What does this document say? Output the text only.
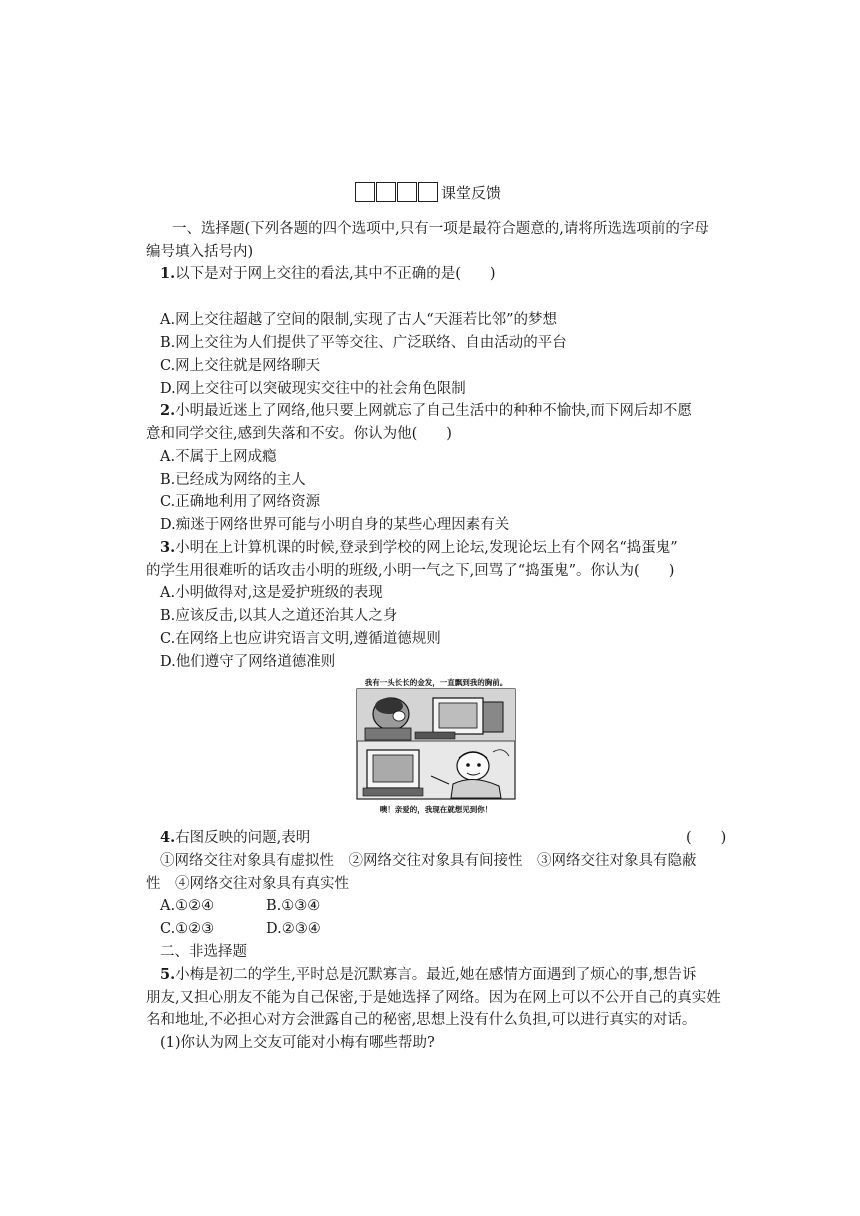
课堂反馈
一、选择题(下列各题的四个选项中,只有一项是最符合题意的,请将所选选项前的字母
编号填入括号内)
1.以下是对于网上交往的看法,其中不正确的是(　　)
A.网上交往超越了空间的限制,实现了古人“天涯若比邻”的梦想
B.网上交往为人们提供了平等交往、广泛联络、自由活动的平台
C.网上交往就是网络聊天
D.网上交往可以突破现实交往中的社会角色限制
2.小明最近迷上了网络,他只要上网就忘了自己生活中的种种不愉快,而下网后却不愿
意和同学交往,感到失落和不安。你认为他(　　)
A.不属于上网成瘾
B.已经成为网络的主人
C.正确地利用了网络资源
D.痴迷于网络世界可能与小明自身的某些心理因素有关
3.小明在上计算机课的时候,登录到学校的网上论坛,发现论坛上有个网名“捣蛋鬼”
的学生用很难听的话攻击小明的班级,小明一气之下,回骂了“捣蛋鬼”。你认为(　　)
A.小明做得对,这是爱护班级的表现
B.应该反击,以其人之道还治其人之身
C.在网络上也应讲究语言文明,遵循道德规则
D.他们遵守了网络道德准则
我有一头长长的金发，一直飘到我的胸前。
噢！亲爱的，我现在就想见到你！
4.右图反映的问题,表明	(　　)
①网络交往对象具有虚拟性　②网络交往对象具有间接性　③网络交往对象具有隐蔽
性　④网络交往对象具有真实性
A.①②④	B.①③④
C.①②③	D.②③④
二、非选择题
5.小梅是初二的学生,平时总是沉默寡言。最近,她在感情方面遇到了烦心的事,想告诉
朋友,又担心朋友不能为自己保密,于是她选择了网络。因为在网上可以不公开自己的真实姓
名和地址,不必担心对方会泄露自己的秘密,思想上没有什么负担,可以进行真实的对话。
(1)你认为网上交友可能对小梅有哪些帮助?
